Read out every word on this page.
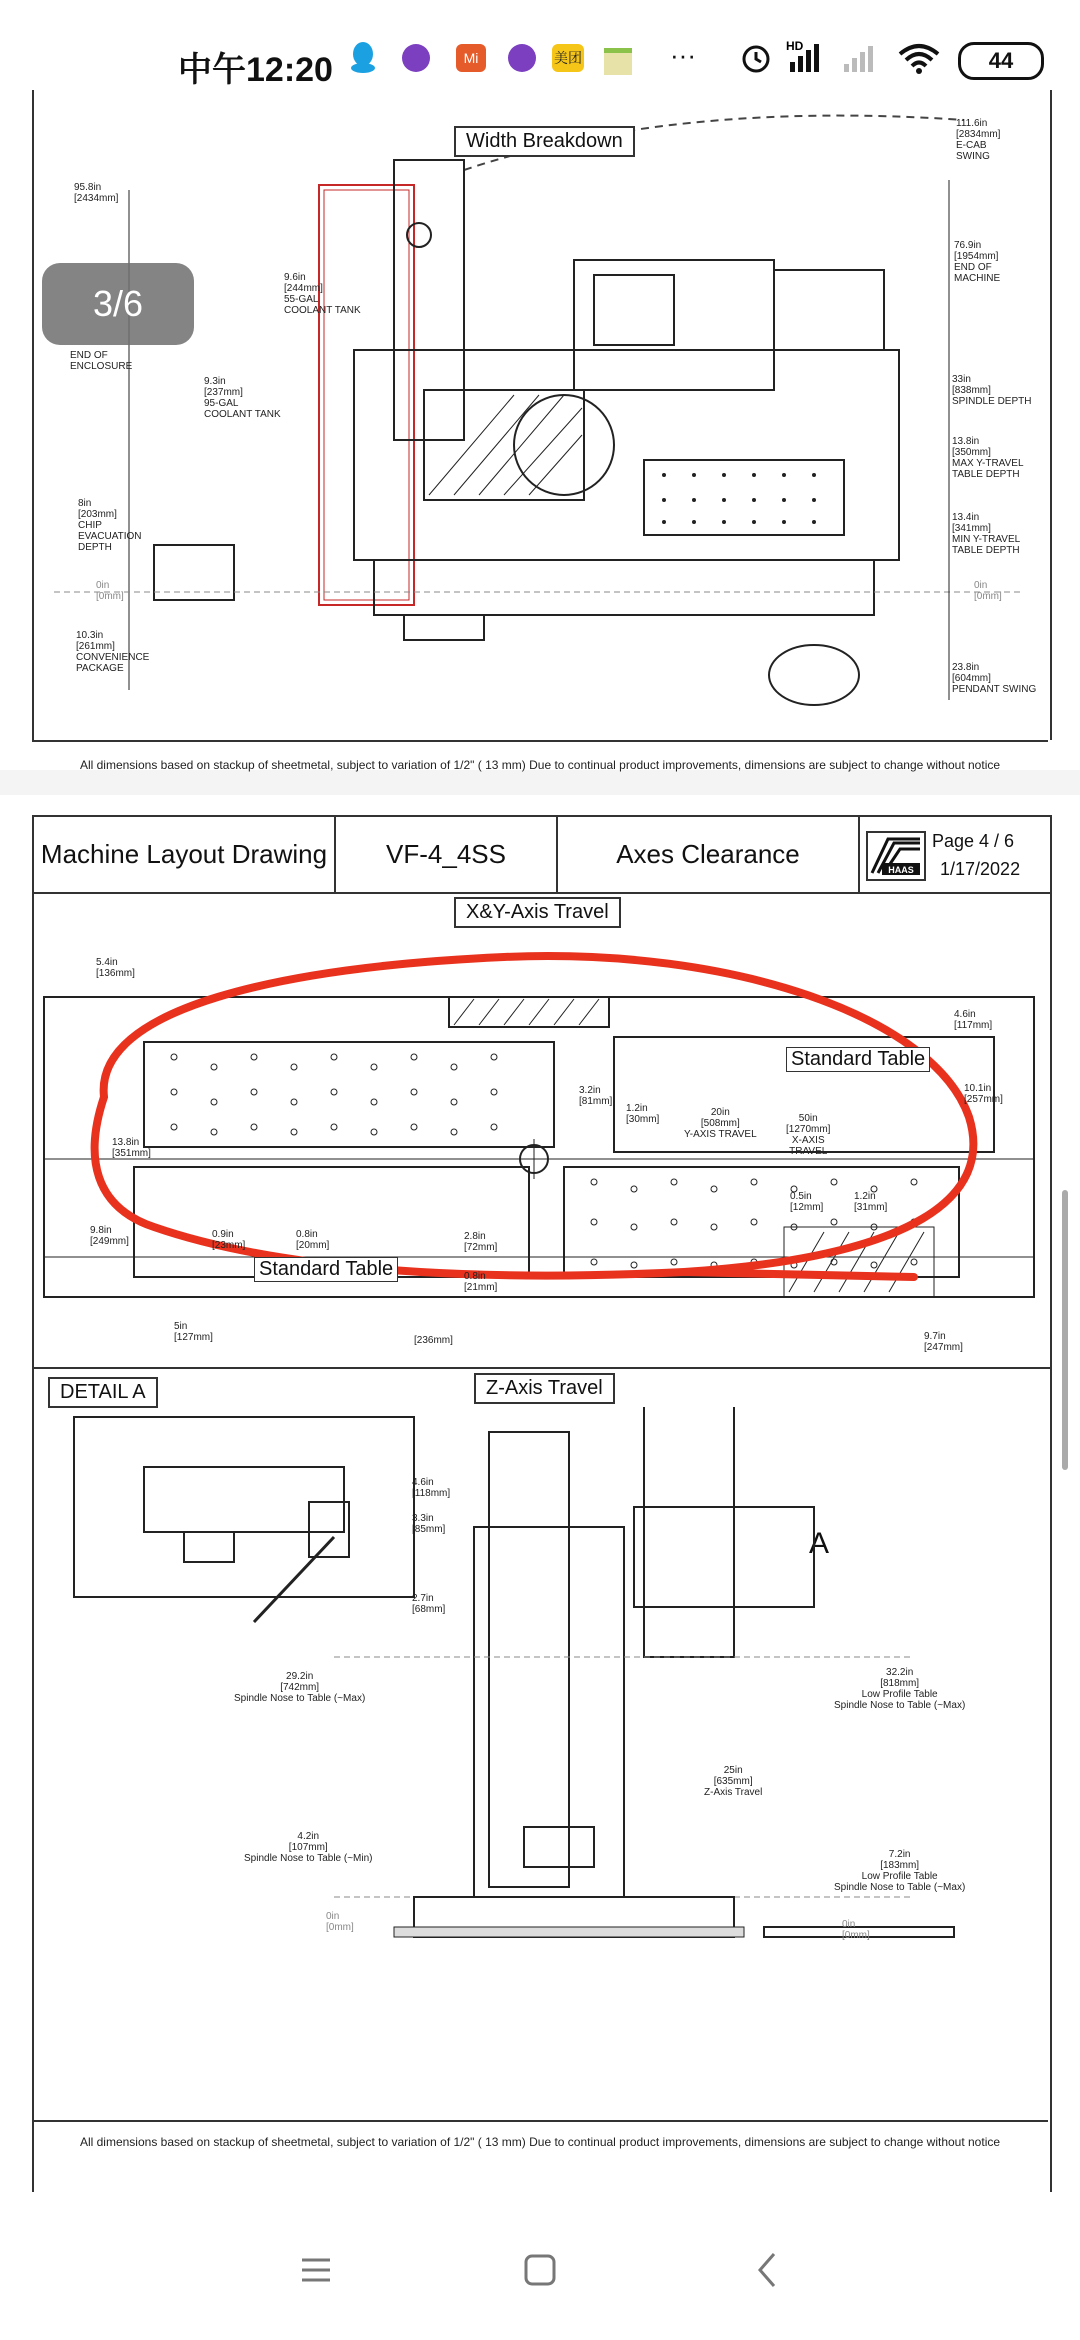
中午12:20	Mi	美团	···	HD
44
Width Breakdown
111.6in
[2834mm]
E-CAB
SWING
95.8in
[2434mm]
END OF
ENCLOSURE
9.6in
[244mm]
55-GAL
COOLANT TANK
9.3in
[237mm]
95-GAL
COOLANT TANK
8in
[203mm]
CHIP
EVACUATION
DEPTH
0in
[0mm]
10.3in
[261mm]
CONVENIENCE
PACKAGE
76.9in
[1954mm]
END OF
MACHINE
33in
[838mm]
SPINDLE DEPTH
13.8in
[350mm]
MAX Y-TRAVEL
TABLE DEPTH
13.4in
[341mm]
MIN Y-TRAVEL
TABLE DEPTH
0in
[0mm]
23.8in
[604mm]
PENDANT SWING
All dimensions based on stackup of sheetmetal, subject to variation of 1/2" ( 13 mm) Due to continual product improvements, dimensions are subject to change without notice
3/6
Machine Layout Drawing	VF-4_4SS	Axes Clearance
HAAS
Page 4 / 6
1/17/2022
X&Y-Axis Travel
5.4in
[136mm]
4.6in
[117mm]
10.1in
[257mm]
3.2in
[81mm]
1.2in
[30mm]
20in
[508mm]
Y-AXIS TRAVEL
50in
[1270mm]
X-AXIS
TRAVEL
13.8in
[351mm]
0.5in
[12mm]
1.2in
[31mm]
9.8in
[249mm]
0.9in
[23mm]
0.8in
[20mm]
2.8in
[72mm]
0.8in
[21mm]
5in
[127mm]	[236mm]	9.7in
[247mm]
Standard Table
Standard Table
DETAIL A	Z-Axis Travel
A
4.6in
[118mm]
3.3in
[85mm]
2.7in
[68mm]
29.2in
[742mm]
Spindle Nose to Table (~Max)
32.2in
[818mm]
Low Profile Table
Spindle Nose to Table (~Max)
25in
[635mm]
Z-Axis Travel
4.2in
[107mm]
Spindle Nose to Table (~Min)	7.2in
[183mm]
Low Profile Table
Spindle Nose to Table (~Max)
0in
[0mm]	0in
[0mm]
All dimensions based on stackup of sheetmetal, subject to variation of 1/2" ( 13 mm) Due to continual product improvements, dimensions are subject to change without notice
